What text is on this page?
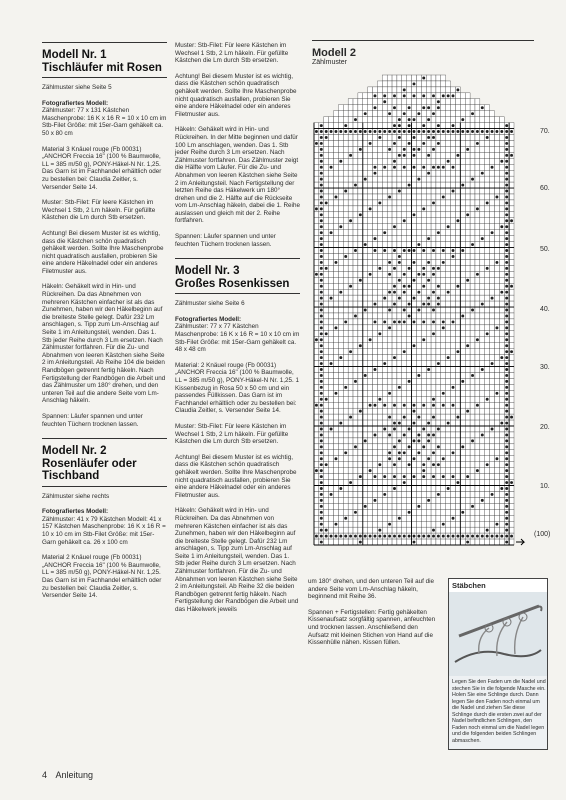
Modell Nr. 1
Tischläufer mit Rosen

Zählmuster siehe Seite 5

Fotografiertes Modell:

Zählmuster: 77 x 131 Kästchen Maschenprobe: 16 K x 16 R = 10 x 10 cm im Stb-Filet Größe: mit 15er-Garn gehäkelt ca. 50 x 80 cm

Material 3 Knäuel rouge (Fb 00031) „ANCHOR Freccia 16" (100 % Baumwolle, LL = 385 m/50 g), PONY-Häkel-N Nr. 1,25. Das Garn ist im Fachhandel erhältlich oder zu bestellen bei: Claudia Zeitler, s. Versender Seite 14.

Muster: Stb-Filet: Für leere Kästchen im Wechsel 1 Stb, 2 Lm häkeln. Für gefüllte Kästchen die Lm durch Stb ersetzen.

Achtung! Bei diesem Muster ist es wichtig, dass die Kästchen schön quadratisch gehäkelt werden. Sollte Ihre Maschenprobe nicht quadratisch ausfallen, probieren Sie eine andere Häkelnadel oder ein anderes Filetmuster aus.

Häkeln: Gehäkelt wird in Hin- und Rückreihen. Da das Abnehmen von mehreren Kästchen einfacher ist als das Zunehmen, haben wir den Häkelbeginn auf die breiteste Stelle gelegt. Dafür 232 Lm anschlagen, s. Tipp zum Lm-Anschlag auf Seite 1 im Anleitungsteil, wenden. Das 1. Stb jeder Reihe durch 3 Lm ersetzen. Nach Zählmuster fortfahren. Für die Zu- und Abnahmen von leeren Kästchen siehe Seite 2 im Anleitungsteil. Ab Reihe 104 die beiden Randbögen getrennt fertig häkeln. Nach Fertigstellung der Randbögen die Arbeit und das Zählmuster um 180° drehen, und den unteren Teil auf die andere Seite vom Lm-Anschlag häkeln.

Spannen: Läufer spannen und unter feuchten Tüchern trocknen lassen.

Modell Nr. 2
Rosenläufer oder Tischband

Zählmuster siehe rechts

Fotografiertes Modell:

Zählmuster: 41 x 79 Kästchen Modell: 41 x 157 Kästchen Maschenprobe: 16 K x 16 R = 10 x 10 cm im Stb-Filet Größe: mit 15er-Garn gehäkelt ca. 26 x 100 cm

Material 2 Knäuel rouge (Fb 00031) „ANCHOR Freccia 16" (100 % Baumwolle, LL = 385 m/50 g), PONY-Häkel-N Nr. 1,25. Das Garn ist im Fachhandel erhältlich oder zu bestellen bei: Claudia Zeitler, s. Versender Seite 14.

Muster: Stb-Filet: Für leere Kästchen im Wechsel 1 Stb, 2 Lm häkeln. Für gefüllte Kästchen die Lm durch Stb ersetzen.

Achtung! Bei diesem Muster ist es wichtig, dass die Kästchen schön quadratisch gehäkelt werden. Sollte Ihre Maschenprobe nicht quadratisch ausfallen, probieren Sie eine andere Häkelnadel oder ein anderes Filetmuster aus.

Häkeln: Gehäkelt wird in Hin- und Rückreihen. In der Mitte beginnen und dafür 100 Lm anschlagen, wenden. Das 1. Stb jeder Reihe durch 3 Lm ersetzen. Nach Zählmuster fortfahren. Das Zählmuster zeigt die Hälfte vom Läufer. Für die Zu- und Abnahmen von leeren Kästchen siehe Seite 2 im Anleitungsteil. Nach Fertigstellung der letzten Reihe das Häkelwerk um 180° drehen und die 2. Hälfte auf die Rückseite vom Lm-Anschlag häkeln, dabei die 1. Reihe auslassen und gleich mit der 2. Reihe fortfahren.

Spannen: Läufer spannen und unter feuchten Tüchern trocknen lassen.

Modell Nr. 3
Großes Rosenkissen

Zählmuster siehe Seite 6

Fotografiertes Modell:

Zählmuster: 77 x 77 Kästchen Maschenprobe: 16 K x 16 R = 10 x 10 cm im Stb-Filet Größe: mit 15er-Garn gehäkelt ca. 48 x 48 cm

Material: 2 Knäuel rouge (Fb 00031) „ANCHOR Freccia 16" (100 % Baumwolle, LL = 385 m/50 g), PONY-Häkel-N Nr. 1,25. 1 Kissenbezug in Rosa 50 x 50 cm und ein passendes Füllkissen. Das Garn ist im Fachhandel erhältlich oder zu bestellen bei: Claudia Zeitler, s. Versender Seite 14.

Muster: Stb-Filet: Für leere Kästchen im Wechsel 1 Stb, 2 Lm häkeln. Für gefüllte Kästchen die Lm durch Stb ersetzen.

Achtung! Bei diesem Muster ist es wichtig, dass die Kästchen schön quadratisch gehäkelt werden. Sollte Ihre Maschenprobe nicht quadratisch ausfallen, probieren Sie eine andere Häkelnadel oder ein anderes Filetmuster aus.

Häkeln: Gehäkelt wird in Hin- und Rückreihen. Da das Abnehmen von mehreren Kästchen einfacher ist als das Zunehmen, haben wir den Häkelbeginn auf die breiteste Stelle gelegt. Dafür 232 Lm anschlagen, s. Tipp zum Lm-Anschlag auf Seite 1 im Anleitungsteil, wenden. Das 1. Stb jeder Reihe durch 3 Lm ersetzen. Nach Zählmuster fortfahren. Für die Zu- und Abnahmen von leeren Kästchen siehe Seite 2 im Anleitungsteil. Ab Reihe 32 die beiden Randbögen getrennt fertig häkeln. Nach Fertigstellung der Randbögen die Arbeit und das Häkelwerk jeweils

um 180° drehen, und den unteren Teil auf die andere Seite vom Lm-Anschlag häkeln, beginnend mit Reihe 36.

Spannen + Fertigstellen: Fertig gehäkelten Kissenaufsatz sorgfältig spannen, anfeuchten und trocknen lassen. Anschließend den Aufsatz mit kleinen Stichen von Hand auf die Kissenhülle nähen. Kissen füllen.

Modell 2
Zählmuster
70.
60.
50.
40.
30.
20.
10.
(100)
Stäbchen
Legen Sie den Faden um die Nadel und stechen Sie in die folgende Masche ein. Holen Sie eine Schlinge durch. Dann legen Sie den Faden noch einmal um die Nadel und ziehen Sie diese Schlinge durch die ersten zwei auf der Nadel befindlichen Schlingen, den Faden noch einmal um die Nadel legen und die folgenden beiden Schlingen abmaschen.
4 Anleitung
